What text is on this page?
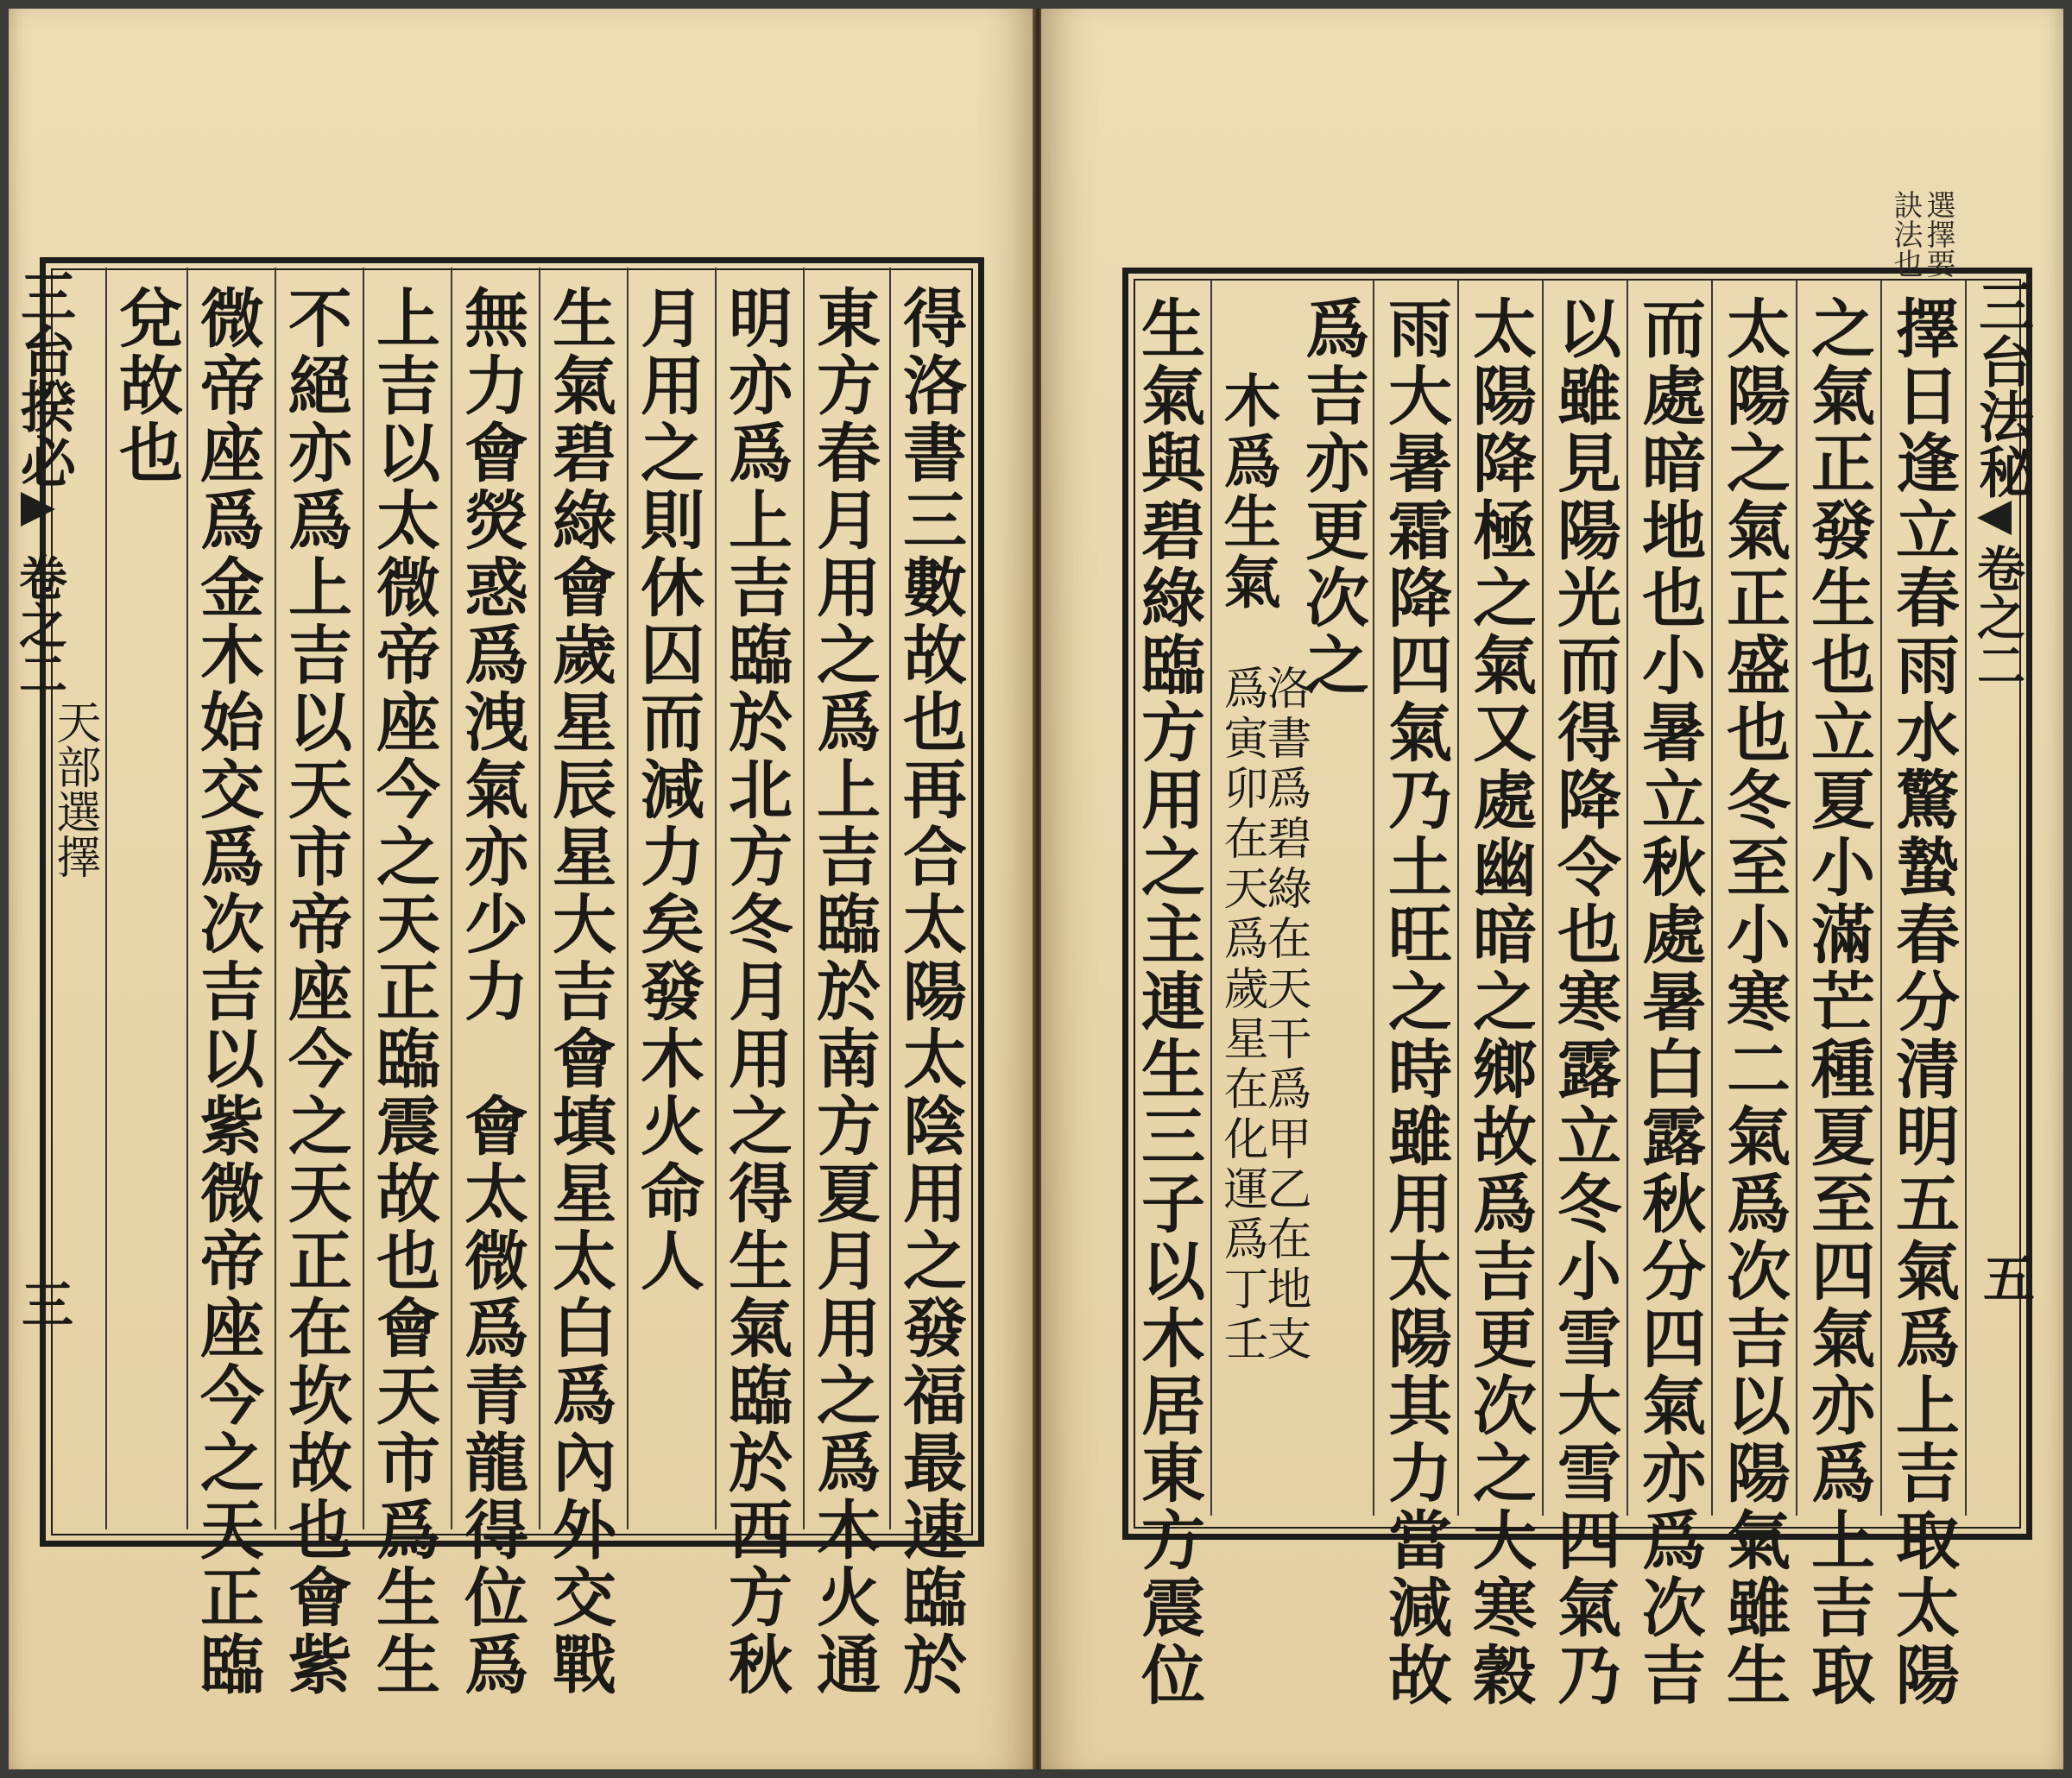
得洛書三數故也再合太陽太陰用之發福最速臨於
東方春月用之爲上吉臨於南方夏月用之爲木火通
明亦爲上吉臨於北方冬月用之得生氣臨於西方秋
月用之則休囚而減力矣發木火命人
生氣碧綠會歲星辰星大吉會填星太白爲內外交戰
無力會熒惑爲洩氣亦少力　會太微爲青龍得位爲
上吉以太微帝座今之天正臨震故也會天市爲生生
不絕亦爲上吉以天市帝座今之天正在坎故也會紫
微帝座爲金木始交爲次吉以紫微帝座今之天正臨
兌故也
三台揆必
卷之二
天部選擇
三
選擇要
訣法也
三台法秘
卷之二
五
擇日逢立春雨水驚蟄春分清明五氣爲上吉取太陽
之氣正發生也立夏小滿芒種夏至四氣亦爲上吉取
太陽之氣正盛也冬至小寒二氣爲次吉以陽氣雖生
而處暗地也小暑立秋處暑白露秋分四氣亦爲次吉
以雖見陽光而得降令也寒露立冬小雪大雪四氣乃
太陽降極之氣又處幽暗之鄉故爲吉更次之大寒穀
雨大暑霜降四氣乃土旺之時雖用太陽其力當減故
爲吉亦更次之
木爲生氣
洛書爲碧綠在天干爲甲乙在地支
爲寅卯在天爲歲星在化運爲丁壬
生氣與碧綠臨方用之主連生三子以木居東方震位
